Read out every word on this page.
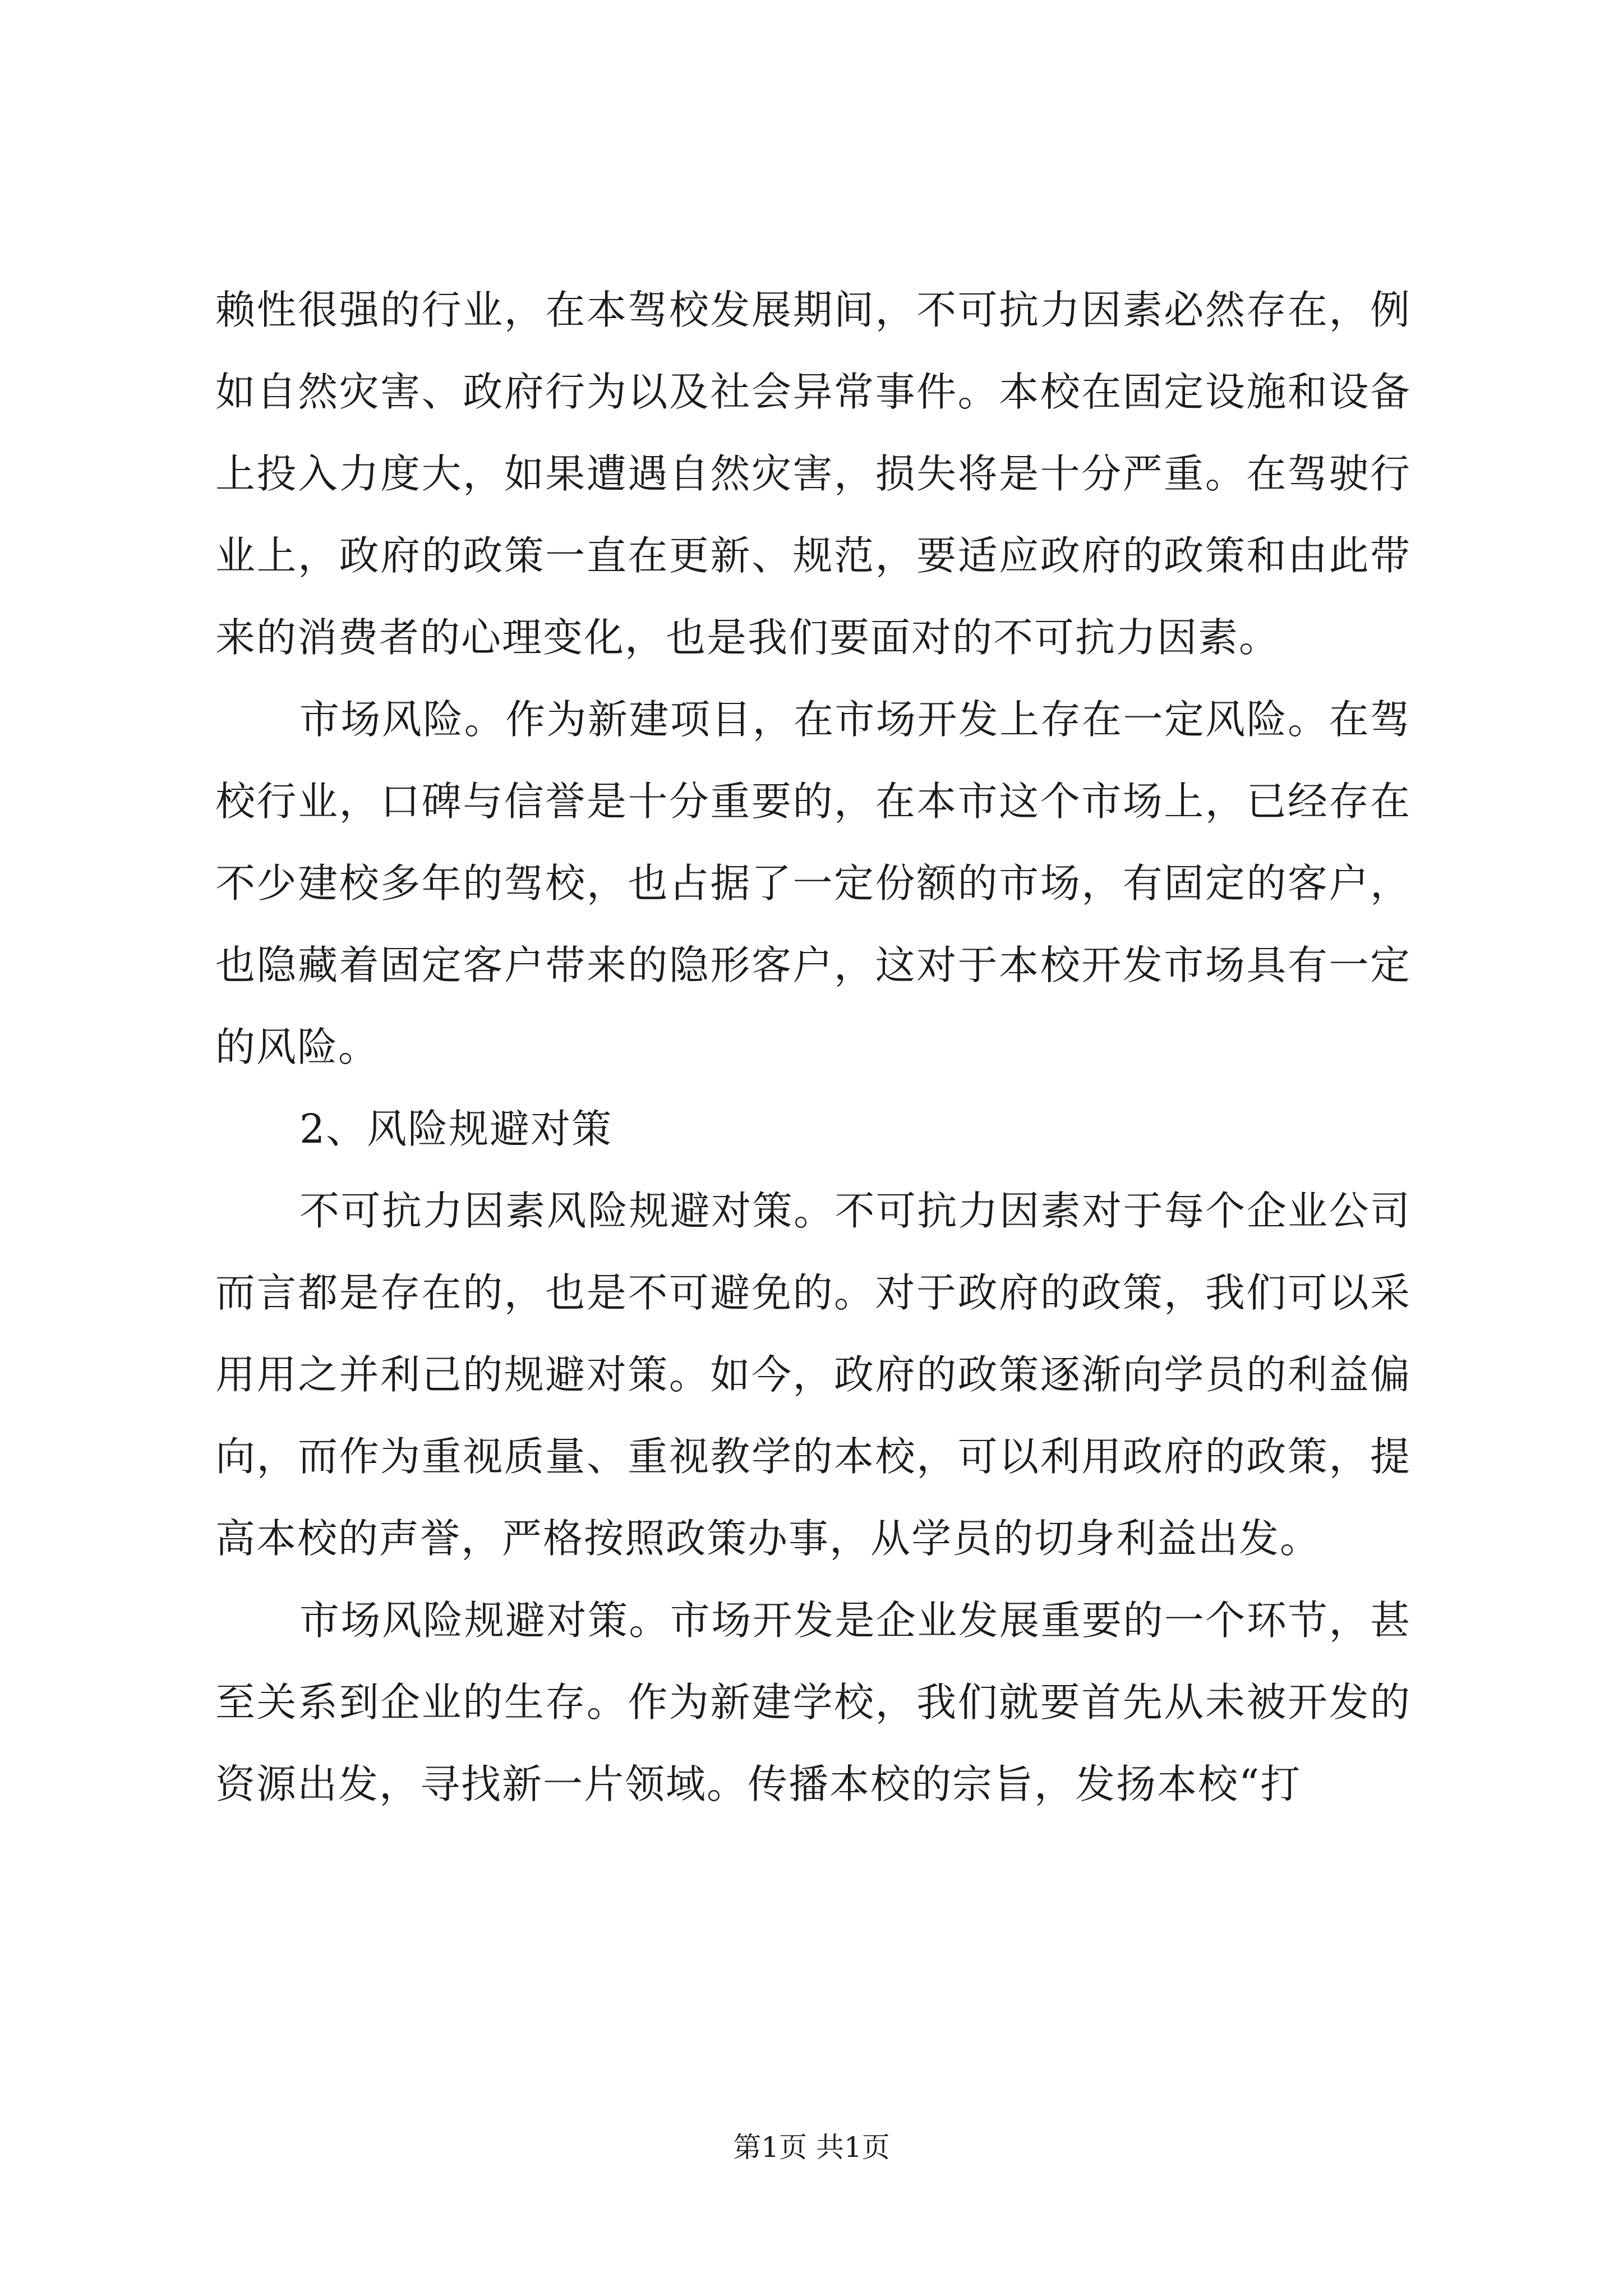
赖性很强的行业，在本驾校发展期间，不可抗力因素必然存在，例如自然灾害、政府行为以及社会异常事件。本校在固定设施和设备上投入力度大，如果遭遇自然灾害，损失将是十分严重。在驾驶行业上，政府的政策一直在更新、规范，要适应政府的政策和由此带来的消费者的心理变化，也是我们要面对的不可抗力因素。

市场风险。作为新建项目，在市场开发上存在一定风险。在驾校行业，口碑与信誉是十分重要的，在本市这个市场上，已经存在不少建校多年的驾校，也占据了一定份额的市场，有固定的客户，也隐藏着固定客户带来的隐形客户，这对于本校开发市场具有一定的风险。

2、风险规避对策

不可抗力因素风险规避对策。不可抗力因素对于每个企业公司而言都是存在的，也是不可避免的。对于政府的政策，我们可以采用用之并利己的规避对策。如今，政府的政策逐渐向学员的利益偏向，而作为重视质量、重视教学的本校，可以利用政府的政策，提高本校的声誉，严格按照政策办事，从学员的切身利益出发。

市场风险规避对策。市场开发是企业发展重要的一个环节，甚至关系到企业的生存。作为新建学校，我们就要首先从未被开发的资源出发，寻找新一片领域。传播本校的宗旨，发扬本校“打

第1页 共1页
